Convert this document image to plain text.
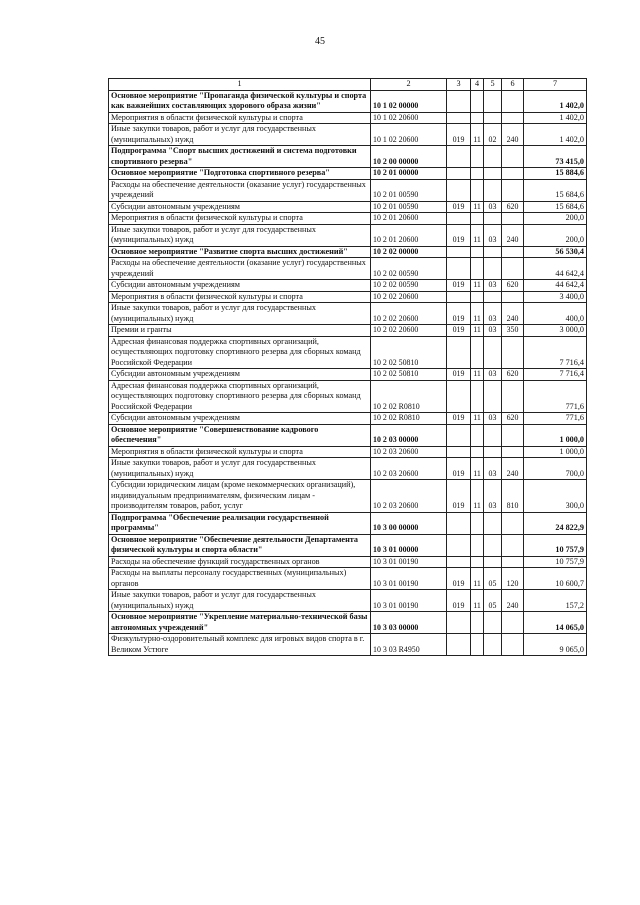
45
1	2	3	4	5	6	7
Основное мероприятие "Пропаганда физической культуры и спорта как важнейших составляющих здорового образа жизни"	10 1 02 00000					1 402,0
Мероприятия в области физической культуры и спорта	10 1 02 20600					1 402,0
Иные закупки товаров, работ и услуг для государственных (муниципальных) нужд	10 1 02 20600	019	11	02	240	1 402,0
Подпрограмма "Спорт высших достижений и система подготовки спортивного резерва"	10 2 00 00000					73 415,0
Основное мероприятие "Подготовка спортивного резерва"	10 2 01 00000					15 884,6
Расходы на обеспечение деятельности (оказание услуг) государственных учреждений	10 2 01 00590					15 684,6
Субсидии автономным учреждениям	10 2 01 00590	019	11	03	620	15 684,6
Мероприятия в области физической культуры и спорта	10 2 01 20600					200,0
Иные закупки товаров, работ и услуг для государственных (муниципальных) нужд	10 2 01 20600	019	11	03	240	200,0
Основное мероприятие "Развитие спорта высших достижений"	10 2 02 00000					56 530,4
Расходы на обеспечение деятельности (оказание услуг) государственных учреждений	10 2 02 00590					44 642,4
Субсидии автономным учреждениям	10 2 02 00590	019	11	03	620	44 642,4
Мероприятия в области физической культуры и спорта	10 2 02 20600					3 400,0
Иные закупки товаров, работ и услуг для государственных (муниципальных) нужд	10 2 02 20600	019	11	03	240	400,0
Премии и гранты	10 2 02 20600	019	11	03	350	3 000,0
Адресная финансовая поддержка спортивных организаций, осуществляющих подготовку спортивного резерва для сборных команд Российской Федерации	10 2 02 50810					7 716,4
Субсидии автономным учреждениям	10 2 02 50810	019	11	03	620	7 716,4
Адресная финансовая поддержка спортивных организаций, осуществляющих подготовку спортивного резерва для сборных команд Российской Федерации	10 2 02 R0810					771,6
Субсидии автономным учреждениям	10 2 02 R0810	019	11	03	620	771,6
Основное мероприятие "Совершенствование кадрового обеспечения"	10 2 03 00000					1 000,0
Мероприятия в области физической культуры и спорта	10 2 03 20600					1 000,0
Иные закупки товаров, работ и услуг для государственных (муниципальных) нужд	10 2 03 20600	019	11	03	240	700,0
Субсидии юридическим лицам (кроме некоммерческих организаций), индивидуальным предпринимателям, физическим лицам - производителям товаров, работ, услуг	10 2 03 20600	019	11	03	810	300,0
Подпрограмма "Обеспечение реализации государственной программы"	10 3 00 00000					24 822,9
Основное мероприятие "Обеспечение деятельности Департамента физической культуры и спорта области"	10 3 01 00000					10 757,9
Расходы на обеспечение функций государственных органов	10 3 01 00190					10 757,9
Расходы на выплаты персоналу государственных (муниципальных) органов	10 3 01 00190	019	11	05	120	10 600,7
Иные закупки товаров, работ и услуг для государственных (муниципальных) нужд	10 3 01 00190	019	11	05	240	157,2
Основное мероприятие "Укрепление материально-технической базы автономных учреждений"	10 3 03 00000					14 065,0
Физкультурно-оздоровительный комплекс для игровых видов спорта в г. Великом Устюге	10 3 03 R4950					9 065,0
